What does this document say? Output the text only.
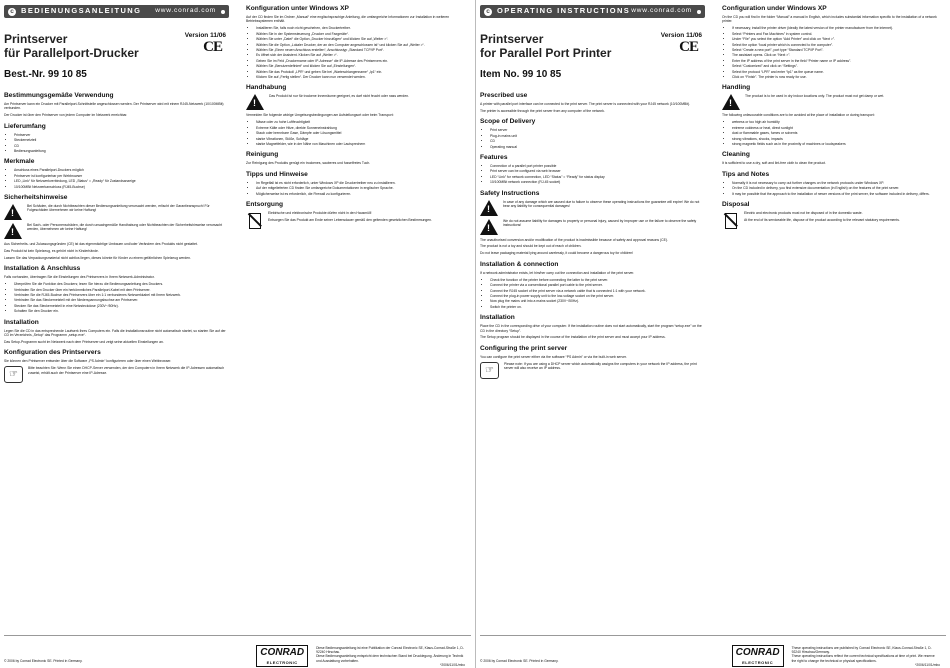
c BEDIENUNGSANLEITUNG www.conrad.com
Printserver
für Parallelport-Drucker
Best.-Nr. 99 10 85
Version 11/06
CE
Bestimmungsgemäße Verwendung

Am Printserver kann ein Drucker mit Parallelport-Schnittstelle angeschlossen werden. Der Printserver wird mit einem RJ45-Netzwerk (10/100MBit) verbunden.

Der Drucker ist über den Printserver von jedem Computer im Netzwerk erreichbar.

Lieferumfang
• Printserver
• Steckernetzteil
• CD
• Bedienungsanleitung
Merkmale
• Anschluss eines Parallelport-Druckers möglich
• Printserver ist konfigurierbar per Webbrowser
• LED „Link“ für Netzwerkverbindung, LED „Status“ = „Ready“ für Zustandsanzeige
• 10/100MBit Netzwerkanschluss (RJ45-Buchse)
Sicherheitshinweise
!

Bei Schäden, die durch Nichtbeachten dieser Bedienungsanleitung verursacht werden, erlischt der Garantieanspruch! Für Folgeschäden übernehmen wir keine Haftung!

!

Bei Sach- oder Personenschäden, die durch unsachgemäße Handhabung oder Nichtbeachten der Sicherheitshinweise verursacht werden, übernehmen wir keine Haftung!

Aus Sicherheits- und Zulassungsgründen (CE) ist das eigenmächtige Umbauen und/oder Verändern des Produkts nicht gestattet.

Das Produkt ist kein Spielzeug, es gehört nicht in Kinderhände.

Lassen Sie das Verpackungsmaterial nicht achtlos liegen, dieses könnte für Kinder zu einem gefährlichen Spielzeug werden.

Installation & Anschluss

Falls vorhanden, übertragen Sie die Einstellungen des Printservers in Ihrem Netzwerk-Administrator.

• Überprüfen Sie die Funktion des Druckers; lesen Sie hierzu die Bedienungsanleitung des Druckers.
• Verbinden Sie den Drucker über ein herkömmliches Parallelport-Kabel mit dem Printserver.
• Verbinden Sie die RJ45-Buchse des Printservers über ein 1:1 verbundenes Netzwerkkabel mit Ihrem Netzwerk.
• Verbinden Sie das Steckernetzteil mit der Niederspannungsbuchse am Printserver.
• Stecken Sie das Steckernetzteil in eine Netzsteckdose (230V~/50Hz).
• Schalten Sie den Drucker ein.
Installation

Legen Sie die CD in das entsprechende Laufwerk Ihres Computers ein. Falls die Installationsroutine nicht automatisch startet, so starten Sie auf der CD im Verzeichnis „Setup“ das Programm „setup.exe“.

Das Setup-Programm sucht im Netzwerk nach dem Printserver und zeigt seine aktuellen Einstellungen an.

Konfiguration des Printservers

Sie können den Printserver entweder über die Software „PS Admin“ konfigurieren oder über einen Webbrowser.

☞

Bitte beachten Sie: Wenn Sie einen DHCP-Server verwenden, der den Computern in Ihrem Netzwerk die IP-Adressen automatisch zuweist, erhält auch der Printserver eine IP-Adresse.

Konfiguration unter Windows XP

Auf der CD finden Sie im Ordner „Manual“ eine englischsprachige Anleitung, die umfangreiche Informationen zur Installation in weiteren Betriebssystemen enthält.

• Installieren Sie, falls noch nicht geschehen, den Druckertreiber.
• Wählen Sie in der Systemsteuerung „Drucker und Faxgeräte“.
• Wählen Sie unter „Datei“ die Option „Drucker hinzufügen“ und klicken Sie auf „Weiter >“.
• Wählen Sie die Option „Lokaler Drucker, der an den Computer angeschlossen ist“ und klicken Sie auf „Weiter >“.
• Wählen Sie „Einen neuen Anschluss erstellen“, Anschlusstyp „Standard TCP/IP Port“.
• Es öffnet sich der Assistent. Klicken Sie auf „Weiter >“.
• Geben Sie im Feld „Druckername oder IP-Adresse“ die IP-Adresse des Printservers ein.
• Wählen Sie „Benutzerdefiniert“ und klicken Sie auf „Einstellungen“.
• Wählen Sie das Protokoll „LPR“ und geben Sie bei „Warteschlangenname“ „lp1“ ein.
• Klicken Sie auf „Fertig stellen“. Der Drucker kann nun verwendet werden.
Handhabung
!

Das Produkt ist nur für trockene Innenräume geeignet, es darf nicht feucht oder nass werden.

Vermeiden Sie folgende widrige Umgebungsbedingungen am Aufstellungsort oder beim Transport:

• Nässe oder zu hohe Luftfeuchtigkeit
• Extreme Kälte oder Hitze, direkte Sonneneinstrahlung
• Staub oder brennbare Gase, Dämpfe oder Lösungsmittel
• starke Vibrationen, Stöße, Schläge
• starke Magnetfelder, wie in der Nähe von Maschinen oder Lautsprechern
Reinigung

Zur Reinigung des Produkts genügt ein trockenes, sauberes und fusselfreies Tuch.

Tipps und Hinweise
• Im Regelfall ist es nicht erforderlich, unter Windows XP die Druckertreiber neu zu installieren.
• Auf der mitgelieferten CD finden Sie umfangreiche Dokumentationen in englischer Sprache.
• Möglicherweise ist es erforderlich, die Firewall zu konfigurieren.
Entsorgung

Elektrische und elektronische Produkte dürfen nicht in den Hausmüll!

Entsorgen Sie das Produkt am Ende seiner Lebensdauer gemäß den geltenden gesetzlichen Bestimmungen.

© 2006 by Conrad Electronic SE. Printed in Germany.
CONRAD
ELECTRONIC
Diese Bedienungsanleitung ist eine Publikation der Conrad Electronic SE, Klaus-Conrad-Straße 1, D-92240 Hirschau.
Diese Bedienungsanleitung entspricht dem technischen Stand bei Drucklegung. Änderung in Technik und Ausstattung vorbehalten.
*2006/11/01/mbo
c OPERATING INSTRUCTIONS www.conrad.com
Printserver
for Parallel Port Printer
Item No. 99 10 85
Version 11/06
CE
Prescribed use

A printer with parallel port interface can be connected to the print server. The print server is connected with your RJ45 network (10/100MBit).

The printer is accessible through the print server from any computer of the network.

Scope of Delivery
• Print server
• Plug-in mains unit
• CD
• Operating manual
Features
• Connection of a parallel port printer possible
• Print server can be configured via web browser
• LED “Link” for network connection, LED “Status” = “Ready” for status display
• 10/100MBit network connection (RJ-45 socket)
Safety Instructions
!

In case of any damage which are caused due to failure to observe these operating instructions the guarantee will expire! We do not bear any liability for consequential damages!

!

We do not assume liability for damages to property or personal injury, caused by improper use or the failure to observe the safety instructions!

The unauthorised conversion and/or modification of the product is inadmissible because of safety and approval reasons (CE).

The product is not a toy and should be kept out of reach of children.

Do not leave packaging material lying around carelessly, it could become a dangerous toy for children!

Installation & connection

If a network administrator exists, let him/her carry out the connection and installation of the print server.

• Check the function of the printer before connecting the latter to the print server.
• Connect the printer via a conventional parallel port cable to the print server.
• Connect the RJ45 socket of the print server via a network cable that is connected 1:1 with your network.
• Connect the plug-in power supply unit to the low-voltage socket on the print server.
• Now plug the mains unit into a mains socket (230V~/50Hz).
• Switch the printer on.
Installation

Place the CD in the corresponding drive of your computer. If the installation routine does not start automatically, start the program “setup.exe” on the CD in the directory “Setup”.

The Setup program should be displayed in the course of the installation of the print server and must accept your IP address.

Configuring the print server

You can configure the print server either via the software “PS Admin” or via the built-in web server.

☞

Please note: If you are using a DHCP server which automatically assigns the computers in your network the IP address, the print server will also receive an IP address.

Configuration under Windows XP

On the CD you will find in the folder “Manual” a manual in English, which includes substantial information specific to the installation of a network printer.

• If necessary, install the printer driver (ideally the latest version of the printer manufacturer from the internet).
• Select “Printers and Fax Machines” in system control.
• Under “File” you select the option “Add Printer” and click on “Next >”.
• Select the option “local printer which is connected to the computer”.
• Select “Create a new port”, port type “Standard TCP/IP Port”.
• The assistant opens. Click on “Next >”.
• Enter the IP address of the print server in the field “Printer name or IP address”.
• Select “Customized” and click on “Settings”.
• Select the protocol “LPR” and enter “lp1” as the queue name.
• Click on “Finish”. The printer is now ready for use.
Handling
!

The product is to be used in dry indoor locations only. The product must not get damp or wet.

The following unfavourable conditions are to be avoided at the place of installation or during transport:

• wetness or too high air humidity
• extreme coldness or heat, direct sunlight
• dust or flammable gases, fumes or solvents
• strong vibrations, shocks, impacts
• strong magnetic fields such as in the proximity of machines or loudspeakers
Cleaning

It is sufficient to use a dry, soft and lint-free cloth to clean the product.

Tips and Notes
• Normally it is not necessary to carry out further changes on the network protocols under Windows XP.
• On the CD included in delivery, you find extensive documentation (in English) on the features of the print server.
• It may be possible that the approach to the installation of newer versions of the print server, the software included in delivery, differs.
Disposal

Electric and electronic products must not be disposed of in the domestic waste.

At the end of its serviceable life, dispose of the product according to the relevant statutory requirements.

© 2006 by Conrad Electronic SE. Printed in Germany.
CONRAD
ELECTRONIC
These operating instructions are published by Conrad Electronic SE, Klaus-Conrad-Straße 1, D-92240 Hirschau/Germany.
These operating instructions reflect the current technical specifications at time of print. We reserve the right to change the technical or physical specifications.
*2006/11/01/mbo
